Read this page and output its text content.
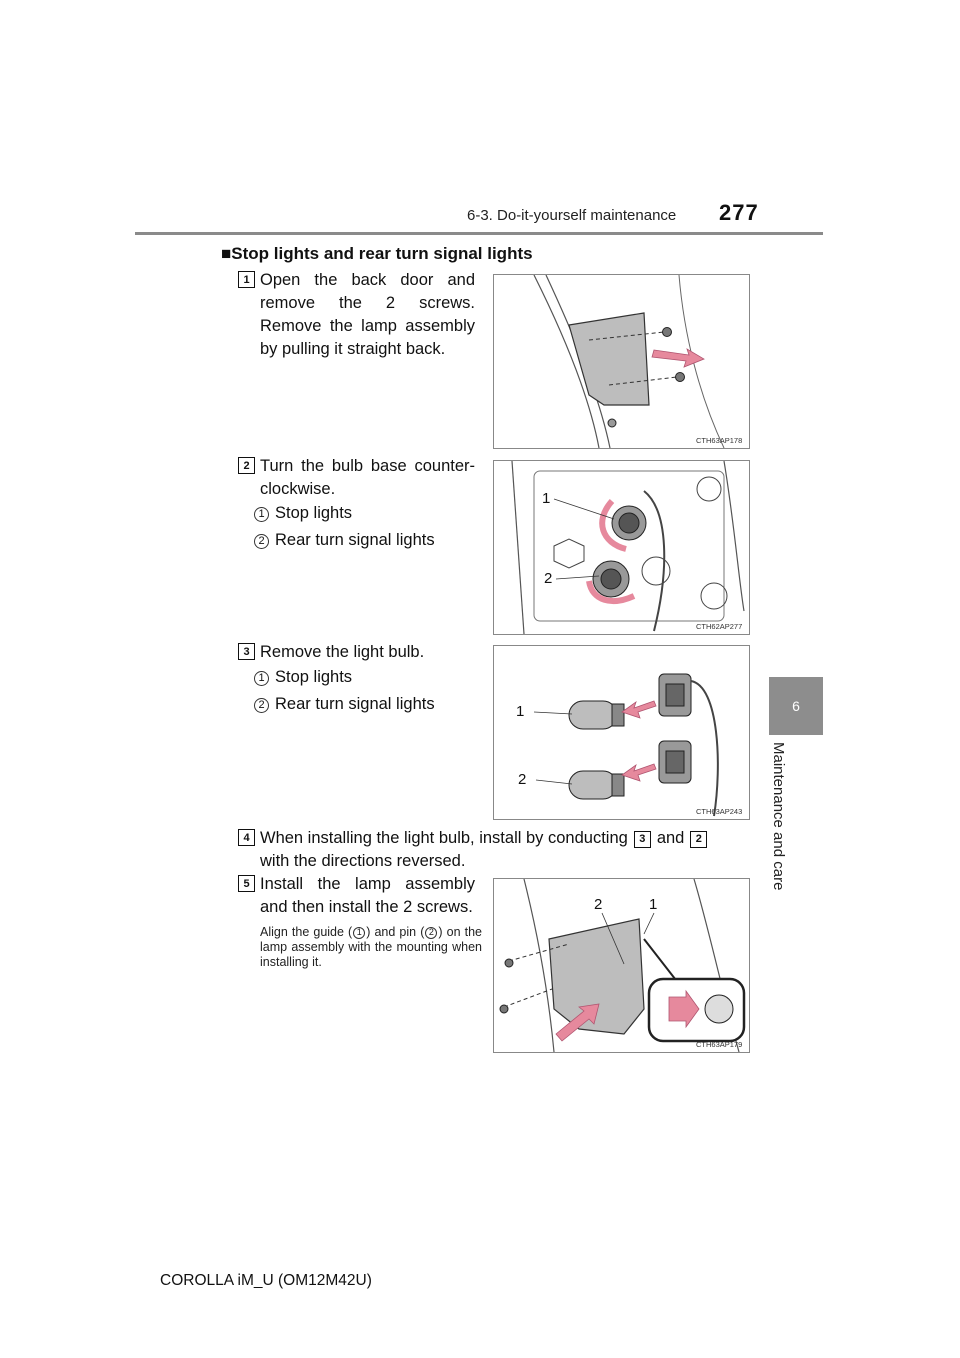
6-3. Do-it-yourself maintenance 277
6
Maintenance and care
■Stop lights and rear turn signal lights
1 Open the back door and remove the 2 screws. Remove the lamp assembly by pulling it straight back.
CTH63AP178
2 Turn the bulb base counter-clockwise.
1 Stop lights
2 Rear turn signal lights
1
2
CTH62AP277
3 Remove the light bulb.
1 Stop lights
2 Rear turn signal lights	1
2
CTH63AP243
4 When installing the light bulb, install by conducting 3 and 2
with the directions reversed.
5 Install the lamp assembly and then install the 2 screws.
Align the guide ( 1 ) and pin ( 2 ) on the lamp assembly with the mounting when installing it.
2	1
CTH63AP179
COROLLA iM_U (OM12M42U)
